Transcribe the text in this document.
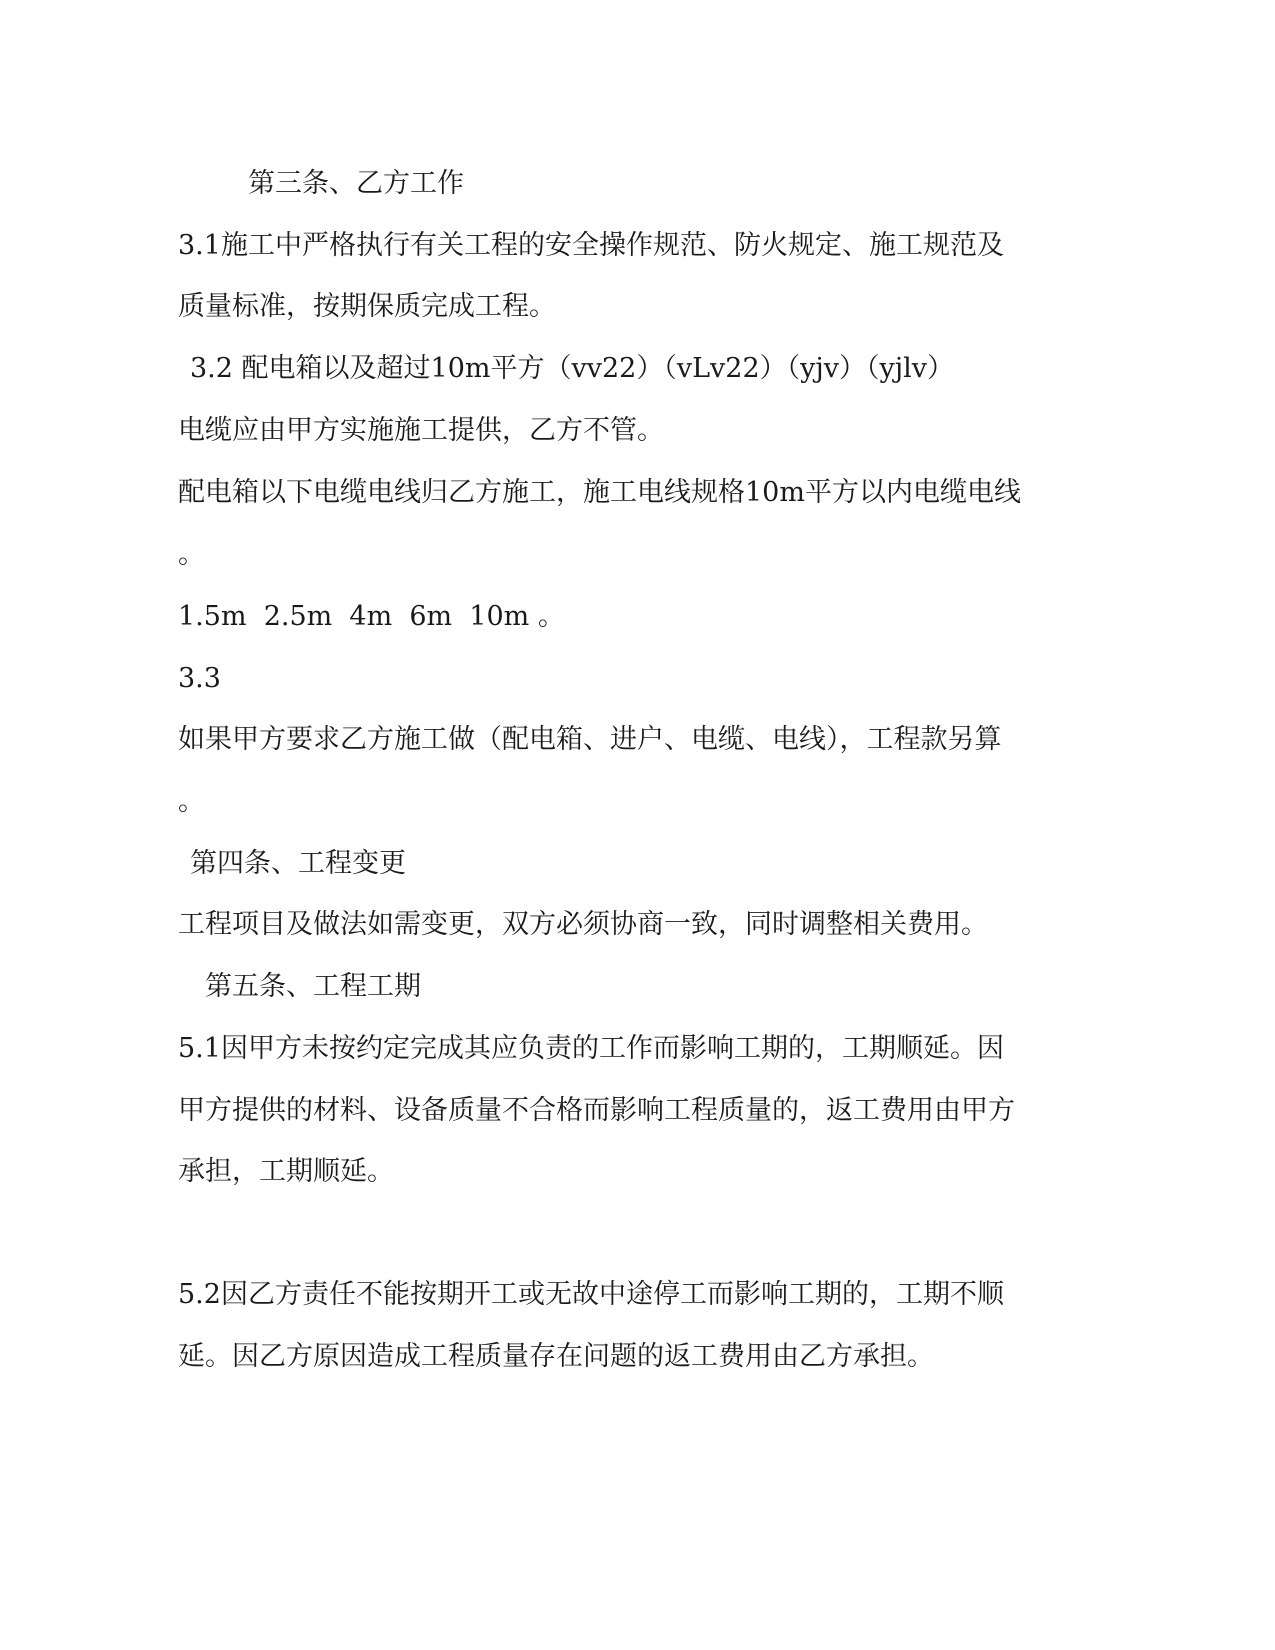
第三条、乙方工作
3.1施工中严格执行有关工程的安全操作规范、防火规定、施工规范及
质量标准，按期保质完成工程。
3.2 配电箱以及超过10m平方（vv22）（vLv22）（yjv）（yjlv）
电缆应由甲方实施施工提供，乙方不管。
配电箱以下电缆电线归乙方施工，施工电线规格10m平方以内电缆电线
。
1.5m  2.5m  4m  6m  10m 。
3.3
如果甲方要求乙方施工做（配电箱、进户、电缆、电线），工程款另算
。
第四条、工程变更
工程项目及做法如需变更，双方必须协商一致，同时调整相关费用。
第五条、工程工期
5.1因甲方未按约定完成其应负责的工作而影响工期的，工期顺延。因
甲方提供的材料、设备质量不合格而影响工程质量的，返工费用由甲方
承担，工期顺延。
5.2因乙方责任不能按期开工或无故中途停工而影响工期的，工期不顺
延。因乙方原因造成工程质量存在问题的返工费用由乙方承担。
